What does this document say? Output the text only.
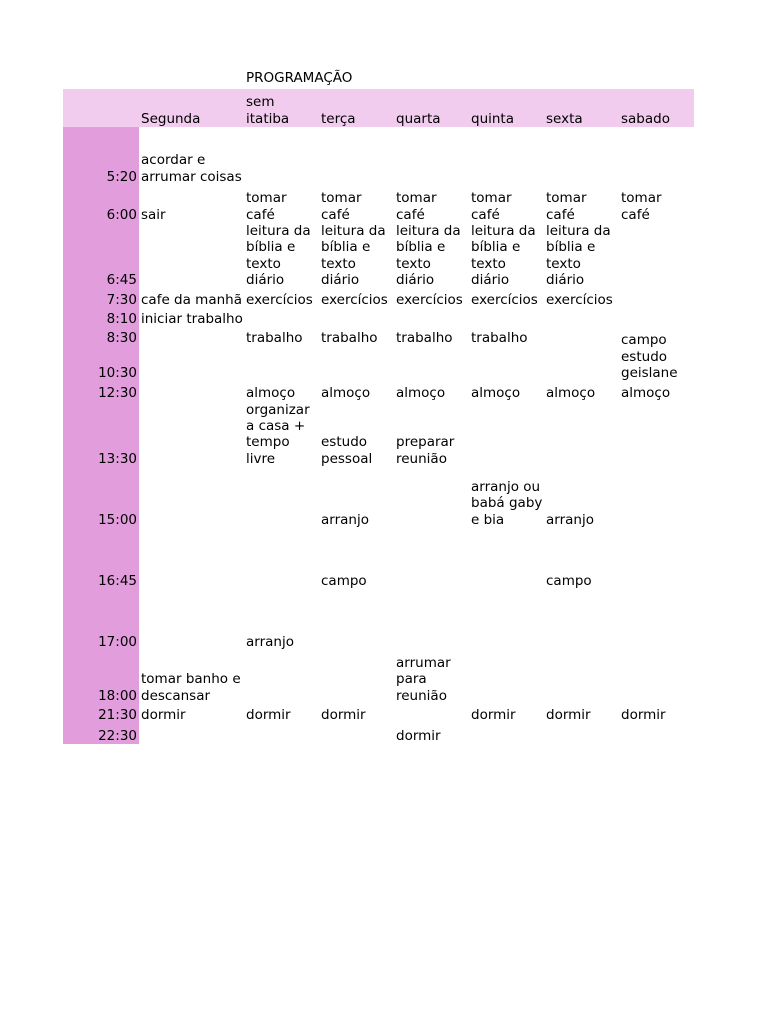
PROGRAMAÇÃO
	Segunda	sem itatiba	terça	quarta	quinta	sexta	sabado
5:20	acordar e arrumar coisas						
6:00	sair	tomar café	tomar café	tomar café	tomar café	tomar café	tomar café
6:45		leitura da bíblia e texto diário	leitura da bíblia e texto diário	leitura da bíblia e texto diário	leitura da bíblia e texto diário	leitura da bíblia e texto diário	
7:30	cafe da manhã	exercícios	exercícios	exercícios	exercícios	exercícios	
8:10	iniciar trabalho						
8:30		trabalho	trabalho	trabalho	trabalho		campo estudo geislane
10:30							
12:30		almoço	almoço	almoço	almoço	almoço	almoço
13:30		organizar a casa + tempo livre	estudo pessoal	preparar reunião			
15:00			arranjo		arranjo ou babá gaby e bia	arranjo	
16:45			campo			campo	
17:00		arranjo					
18:00	tomar banho e descansar			arrumar para reunião			
21:30	dormir	dormir	dormir		dormir	dormir	dormir
22:30				dormir			
